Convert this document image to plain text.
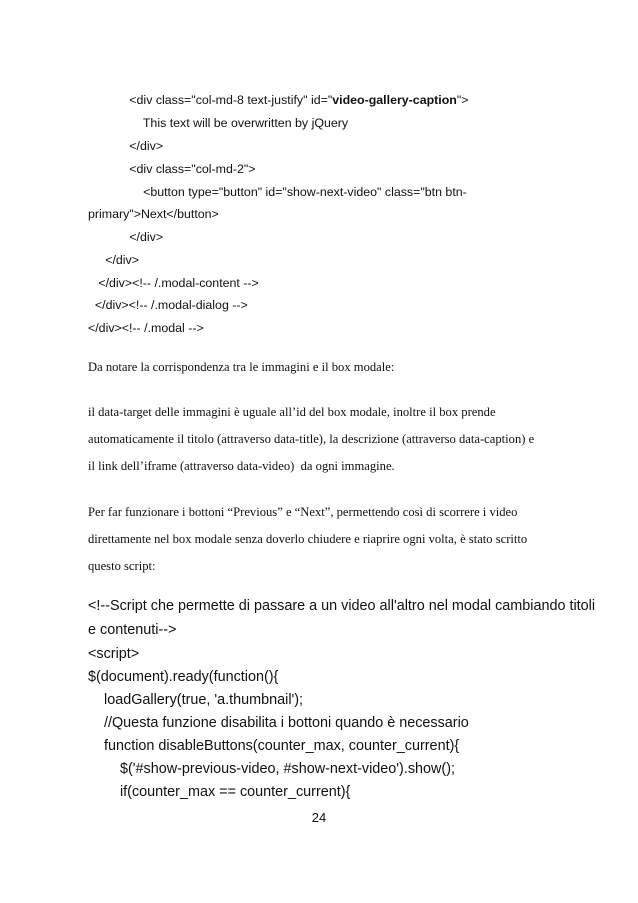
<div class="col-md-8 text-justify" id="video-gallery-caption">
This text will be overwritten by jQuery
</div>
<div class="col-md-2">
<button type="button" id="show-next-video" class="btn btn-
primary">Next</button>
</div>
</div>
</div><!-- /.modal-content -->
</div><!-- /.modal-dialog -->
</div><!-- /.modal -->
Da notare la corrispondenza tra le immagini e il box modale:
il data-target delle immagini è uguale all’id del box modale, inoltre il box prende
automaticamente il titolo (attraverso data-title), la descrizione (attraverso data-caption) e
il link dell’iframe (attraverso data-video)  da ogni immagine.
Per far funzionare i bottoni “Previous” e “Next”, permettendo così di scorrere i video
direttamente nel box modale senza doverlo chiudere e riaprire ogni volta, è stato scritto
questo script:
<!--Script che permette di passare a un video all'altro nel modal cambiando titoli
e contenuti-->
<script>
$(document).ready(function(){
loadGallery(true, 'a.thumbnail');
//Questa funzione disabilita i bottoni quando è necessario
function disableButtons(counter_max, counter_current){
$('#show-previous-video, #show-next-video').show();
if(counter_max == counter_current){
24
